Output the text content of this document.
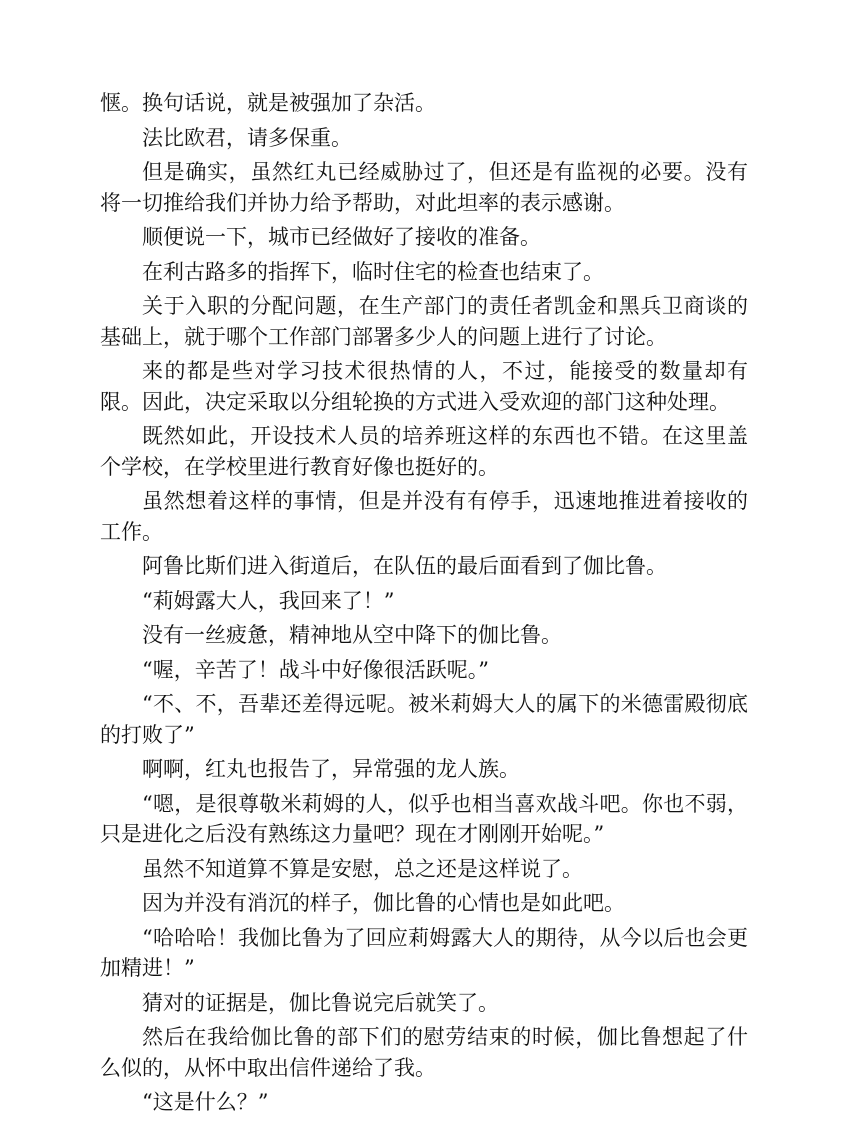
惬。换句话说，就是被强加了杂活。

法比欧君，请多保重。

但是确实，虽然红丸已经威胁过了，但还是有监视的必要。没有将一切推给我们并协力给予帮助，对此坦率的表示感谢。

顺便说一下，城市已经做好了接收的准备。

在利古路多的指挥下，临时住宅的检查也结束了。

关于入职的分配问题，在生产部门的责任者凯金和黑兵卫商谈的基础上，就于哪个工作部门部署多少人的问题上进行了讨论。

来的都是些对学习技术很热情的人，不过，能接受的数量却有限。因此，决定采取以分组轮换的方式进入受欢迎的部门这种处理。

既然如此，开设技术人员的培养班这样的东西也不错。在这里盖个学校，在学校里进行教育好像也挺好的。

虽然想着这样的事情，但是并没有有停手，迅速地推进着接收的工作。

阿鲁比斯们进入街道后，在队伍的最后面看到了伽比鲁。

“莉姆露大人，我回来了！”

没有一丝疲惫，精神地从空中降下的伽比鲁。

“喔，辛苦了！战斗中好像很活跃呢。”

“不、不，吾辈还差得远呢。被米莉姆大人的属下的米德雷殿彻底的打败了”

啊啊，红丸也报告了，异常强的龙人族。

“嗯，是很尊敬米莉姆的人，似乎也相当喜欢战斗吧。你也不弱，只是进化之后没有熟练这力量吧？现在才刚刚开始呢。”

虽然不知道算不算是安慰，总之还是这样说了。

因为并没有消沉的样子，伽比鲁的心情也是如此吧。

“哈哈哈！我伽比鲁为了回应莉姆露大人的期待，从今以后也会更加精进！”

猜对的证据是，伽比鲁说完后就笑了。

然后在我给伽比鲁的部下们的慰劳结束的时候，伽比鲁想起了什么似的，从怀中取出信件递给了我。

“这是什么？”
